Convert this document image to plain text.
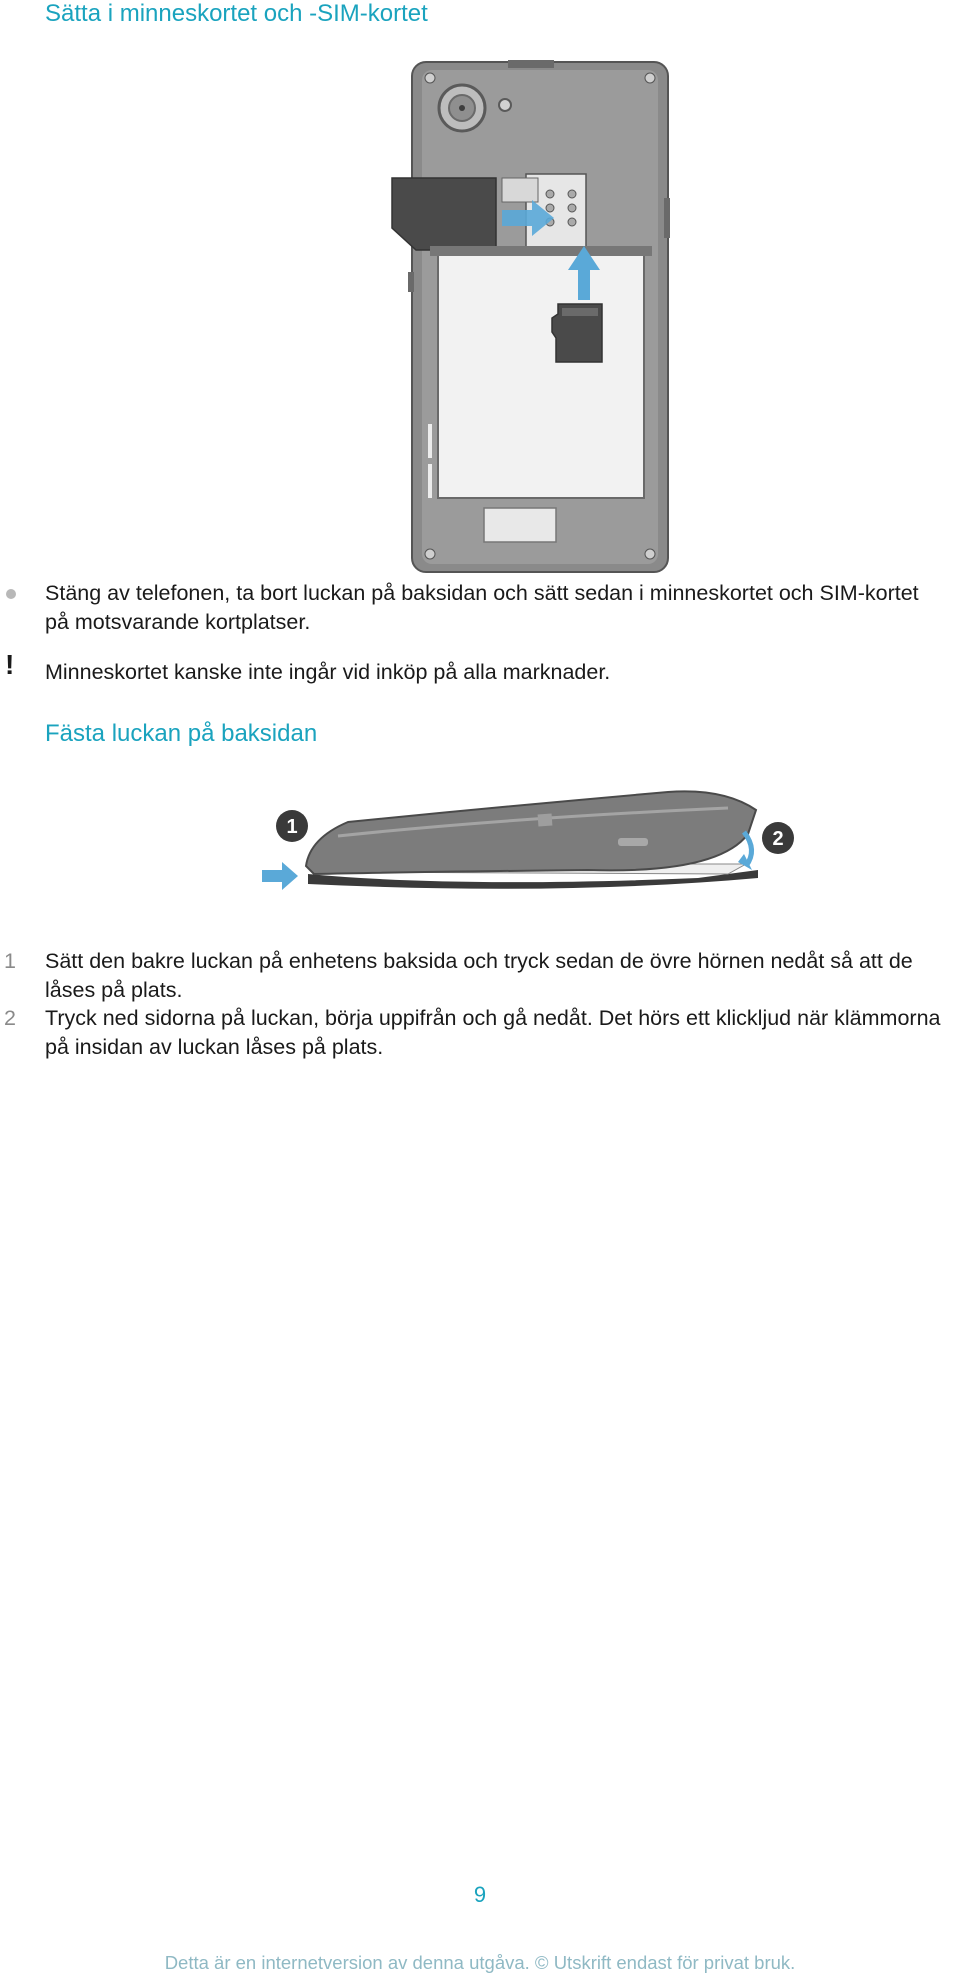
Sätta i minneskortet och -SIM-kortet

Stäng av telefonen, ta bort luckan på baksidan och sätt sedan i minneskortet och SIM-kortet på motsvarande kortplatser.

! Minneskortet kanske inte ingår vid inköp på alla marknader.

Fästa luckan på baksidan
1
2
1	Sätt den bakre luckan på enhetens baksida och tryck sedan de övre hörnen nedåt så att de låses på plats.

2	Tryck ned sidorna på luckan, börja uppifrån och gå nedåt. Det hörs ett klickljud när klämmorna på insidan av luckan låses på plats.

9
Detta är en internetversion av denna utgåva. © Utskrift endast för privat bruk.
